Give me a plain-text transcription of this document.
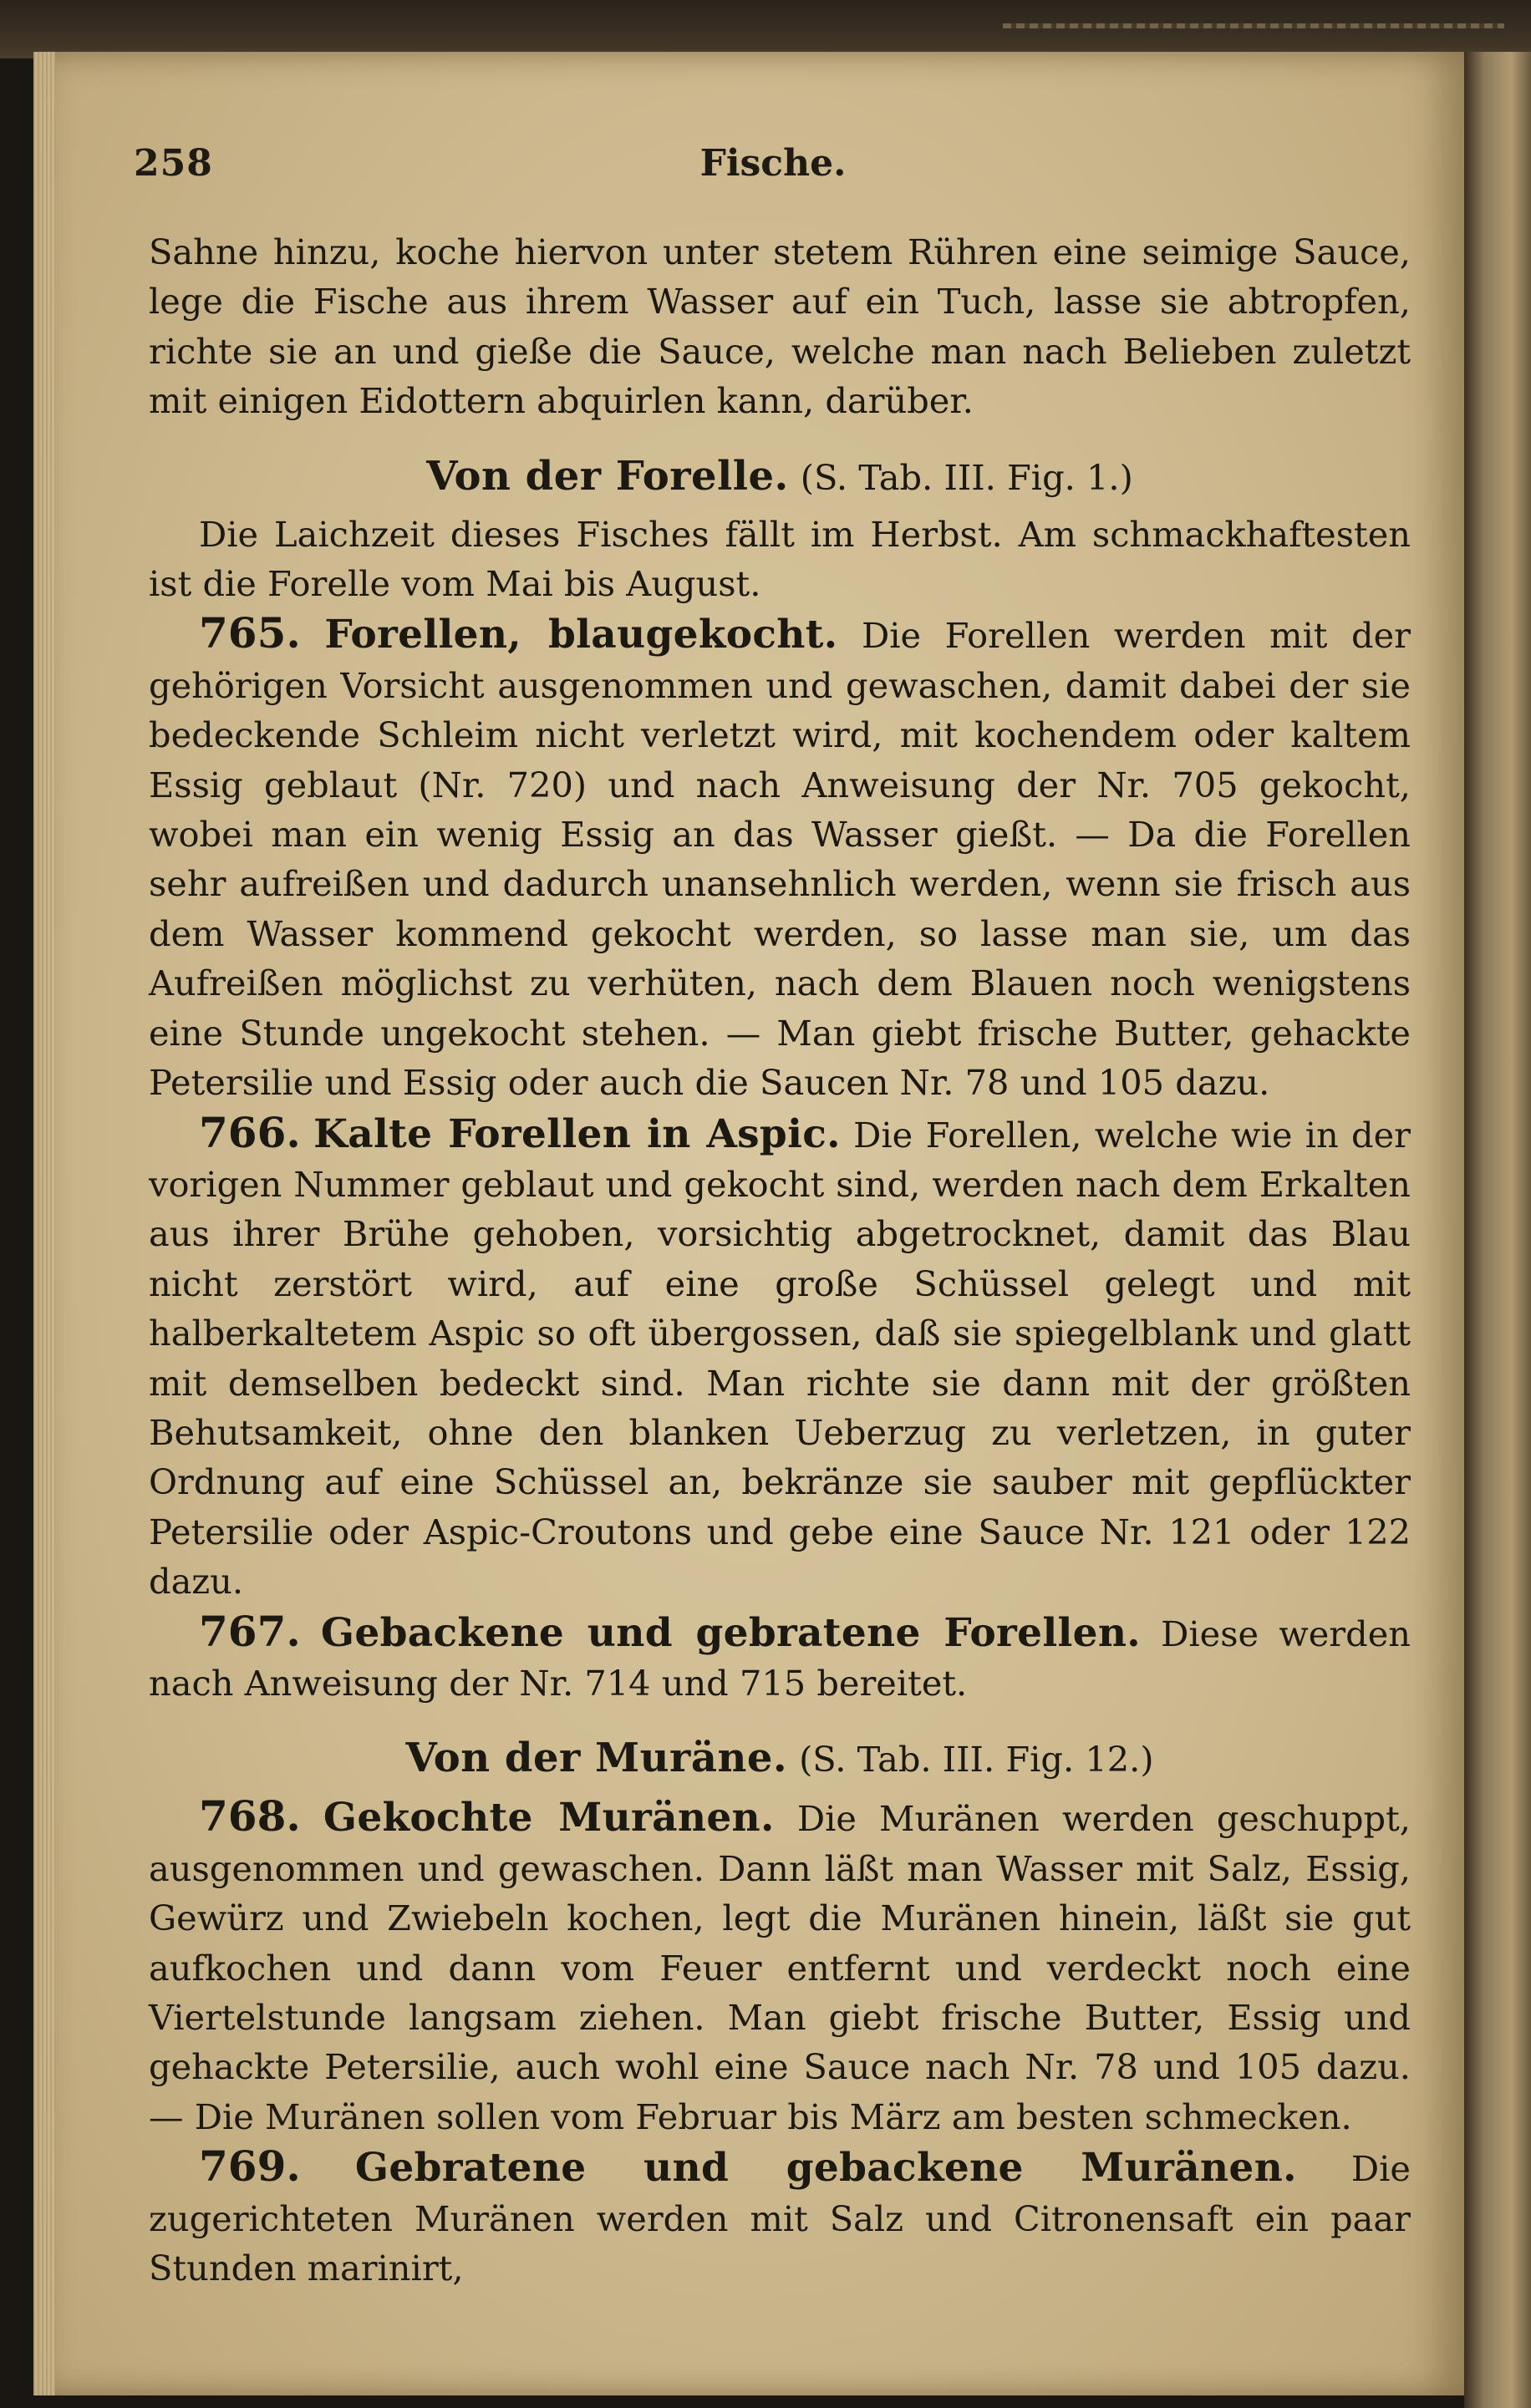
258	Fische.

Sahne hinzu, koche hiervon unter stetem Rühren eine seimige Sauce, lege die Fische aus ihrem Wasser auf ein Tuch, lasse sie abtropfen, richte sie an und gieße die Sauce, welche man nach Belieben zuletzt mit einigen Eidottern abquirlen kann, darüber.

Von der Forelle. (S. Tab. III. Fig. 1.)

Die Laichzeit dieses Fisches fällt im Herbst. Am schmackhaftesten ist die Forelle vom Mai bis August.

765. Forellen, blaugekocht. Die Forellen werden mit der gehörigen Vorsicht ausgenommen und gewaschen, damit dabei der sie bedeckende Schleim nicht verletzt wird, mit kochendem oder kaltem Essig geblaut (Nr. 720) und nach Anweisung der Nr. 705 gekocht, wobei man ein wenig Essig an das Wasser gießt. — Da die Forellen sehr aufreißen und dadurch unansehnlich werden, wenn sie frisch aus dem Wasser kommend gekocht werden, so lasse man sie, um das Aufreißen möglichst zu verhüten, nach dem Blauen noch wenigstens eine Stunde ungekocht stehen. — Man giebt frische Butter, gehackte Petersilie und Essig oder auch die Saucen Nr. 78 und 105 dazu.

766. Kalte Forellen in Aspic. Die Forellen, welche wie in der vorigen Nummer geblaut und gekocht sind, werden nach dem Erkalten aus ihrer Brühe gehoben, vorsichtig abgetrocknet, damit das Blau nicht zerstört wird, auf eine große Schüssel gelegt und mit halberkaltetem Aspic so oft übergossen, daß sie spiegelblank und glatt mit demselben bedeckt sind. Man richte sie dann mit der größten Behutsamkeit, ohne den blanken Ueberzug zu verletzen, in guter Ordnung auf eine Schüssel an, bekränze sie sauber mit gepflückter Petersilie oder Aspic-Croutons und gebe eine Sauce Nr. 121 oder 122 dazu.

767. Gebackene und gebratene Forellen. Diese werden nach Anweisung der Nr. 714 und 715 bereitet.

Von der Muräne. (S. Tab. III. Fig. 12.)

768. Gekochte Muränen. Die Muränen werden geschuppt, ausgenommen und gewaschen. Dann läßt man Wasser mit Salz, Essig, Gewürz und Zwiebeln kochen, legt die Muränen hinein, läßt sie gut aufkochen und dann vom Feuer entfernt und verdeckt noch eine Viertelstunde langsam ziehen. Man giebt frische Butter, Essig und gehackte Petersilie, auch wohl eine Sauce nach Nr. 78 und 105 dazu. — Die Muränen sollen vom Februar bis März am besten schmecken.

769. Gebratene und gebackene Muränen. Die zugerichteten Muränen werden mit Salz und Citronensaft ein paar Stunden marinirt,
